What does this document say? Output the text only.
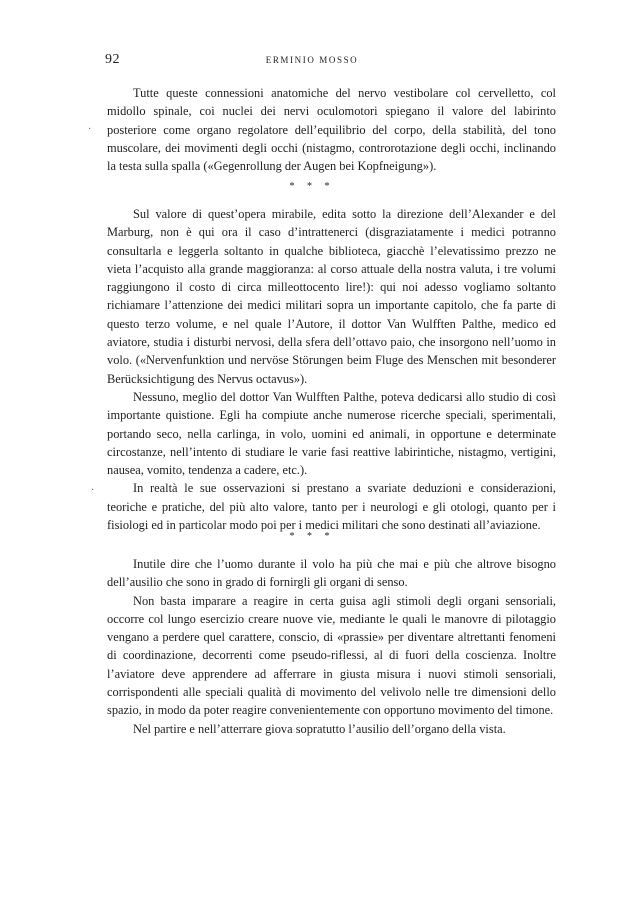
92	ERMINIO MOSSO

Tutte queste connessioni anatomiche del nervo vestibolare col cervelletto, col midollo spinale, coi nuclei dei nervi oculomotori spiegano il valore del labirinto posteriore come organo regolatore dell’equilibrio del corpo, della stabilità, del tono muscolare, dei movimenti degli occhi (nistagmo, controrotazione degli occhi, inclinando la testa sulla spalla («Gegenrollung der Augen bei Kopfneigung»).

* * *

Sul valore di quest’opera mirabile, edita sotto la direzione dell’Alexander e del Marburg, non è qui ora il caso d’intrattenerci (disgraziatamente i medici potranno consultarla e leggerla soltanto in qualche biblioteca, giacchè l’elevatissimo prezzo ne vieta l’acquisto alla grande maggioranza: al corso attuale della nostra valuta, i tre volumi raggiungono il costo di circa milleottocento lire!): qui noi adesso vogliamo soltanto richiamare l’attenzione dei medici militari sopra un importante capitolo, che fa parte di questo terzo volume, e nel quale l’Autore, il dottor Van Wulfften Palthe, medico ed aviatore, studia i disturbi nervosi, della sfera dell’ottavo paio, che insorgono nell’uomo in volo. («Nervenfunktion und nervöse Störungen beim Fluge des Menschen mit besonderer Berücksichtigung des Nervus octavus»).

Nessuno, meglio del dottor Van Wulfften Palthe, poteva dedicarsi allo studio di così importante quistione. Egli ha compiute anche numerose ricerche speciali, sperimentali, portando seco, nella carlinga, in volo, uomini ed animali, in opportune e determinate circostanze, nell’intento di studiare le varie fasi reattive labirintiche, nistagmo, vertigini, nausea, vomito, tendenza a cadere, etc.).

In realtà le sue osservazioni si prestano a svariate deduzioni e considerazioni, teoriche e pratiche, del più alto valore, tanto per i neurologi e gli otologi, quanto per i fisiologi ed in particolar modo poi per i medici militari che sono destinati all’aviazione.

·
·
* * *

Inutile dire che l’uomo durante il volo ha più che mai e più che altrove bisogno dell’ausilio che sono in grado di fornirgli gli organi di senso.

Non basta imparare a reagire in certa guisa agli stimoli degli organi sensoriali, occorre col lungo esercizio creare nuove vie, mediante le quali le manovre di pilotaggio vengano a perdere quel carattere, conscio, di «prassie» per diventare altrettanti fenomeni di coordinazione, decorrenti come pseudo-riflessi, al di fuori della coscienza. Inoltre l’aviatore deve apprendere ad afferrare in giusta misura i nuovi stimoli sensoriali, corrispondenti alle speciali qualità di movimento del velivolo nelle tre dimensioni dello spazio, in modo da poter reagire convenientemente con opportuno movimento del timone.

Nel partire e nell’atterrare giova sopratutto l’ausilio dell’organo della vista.
